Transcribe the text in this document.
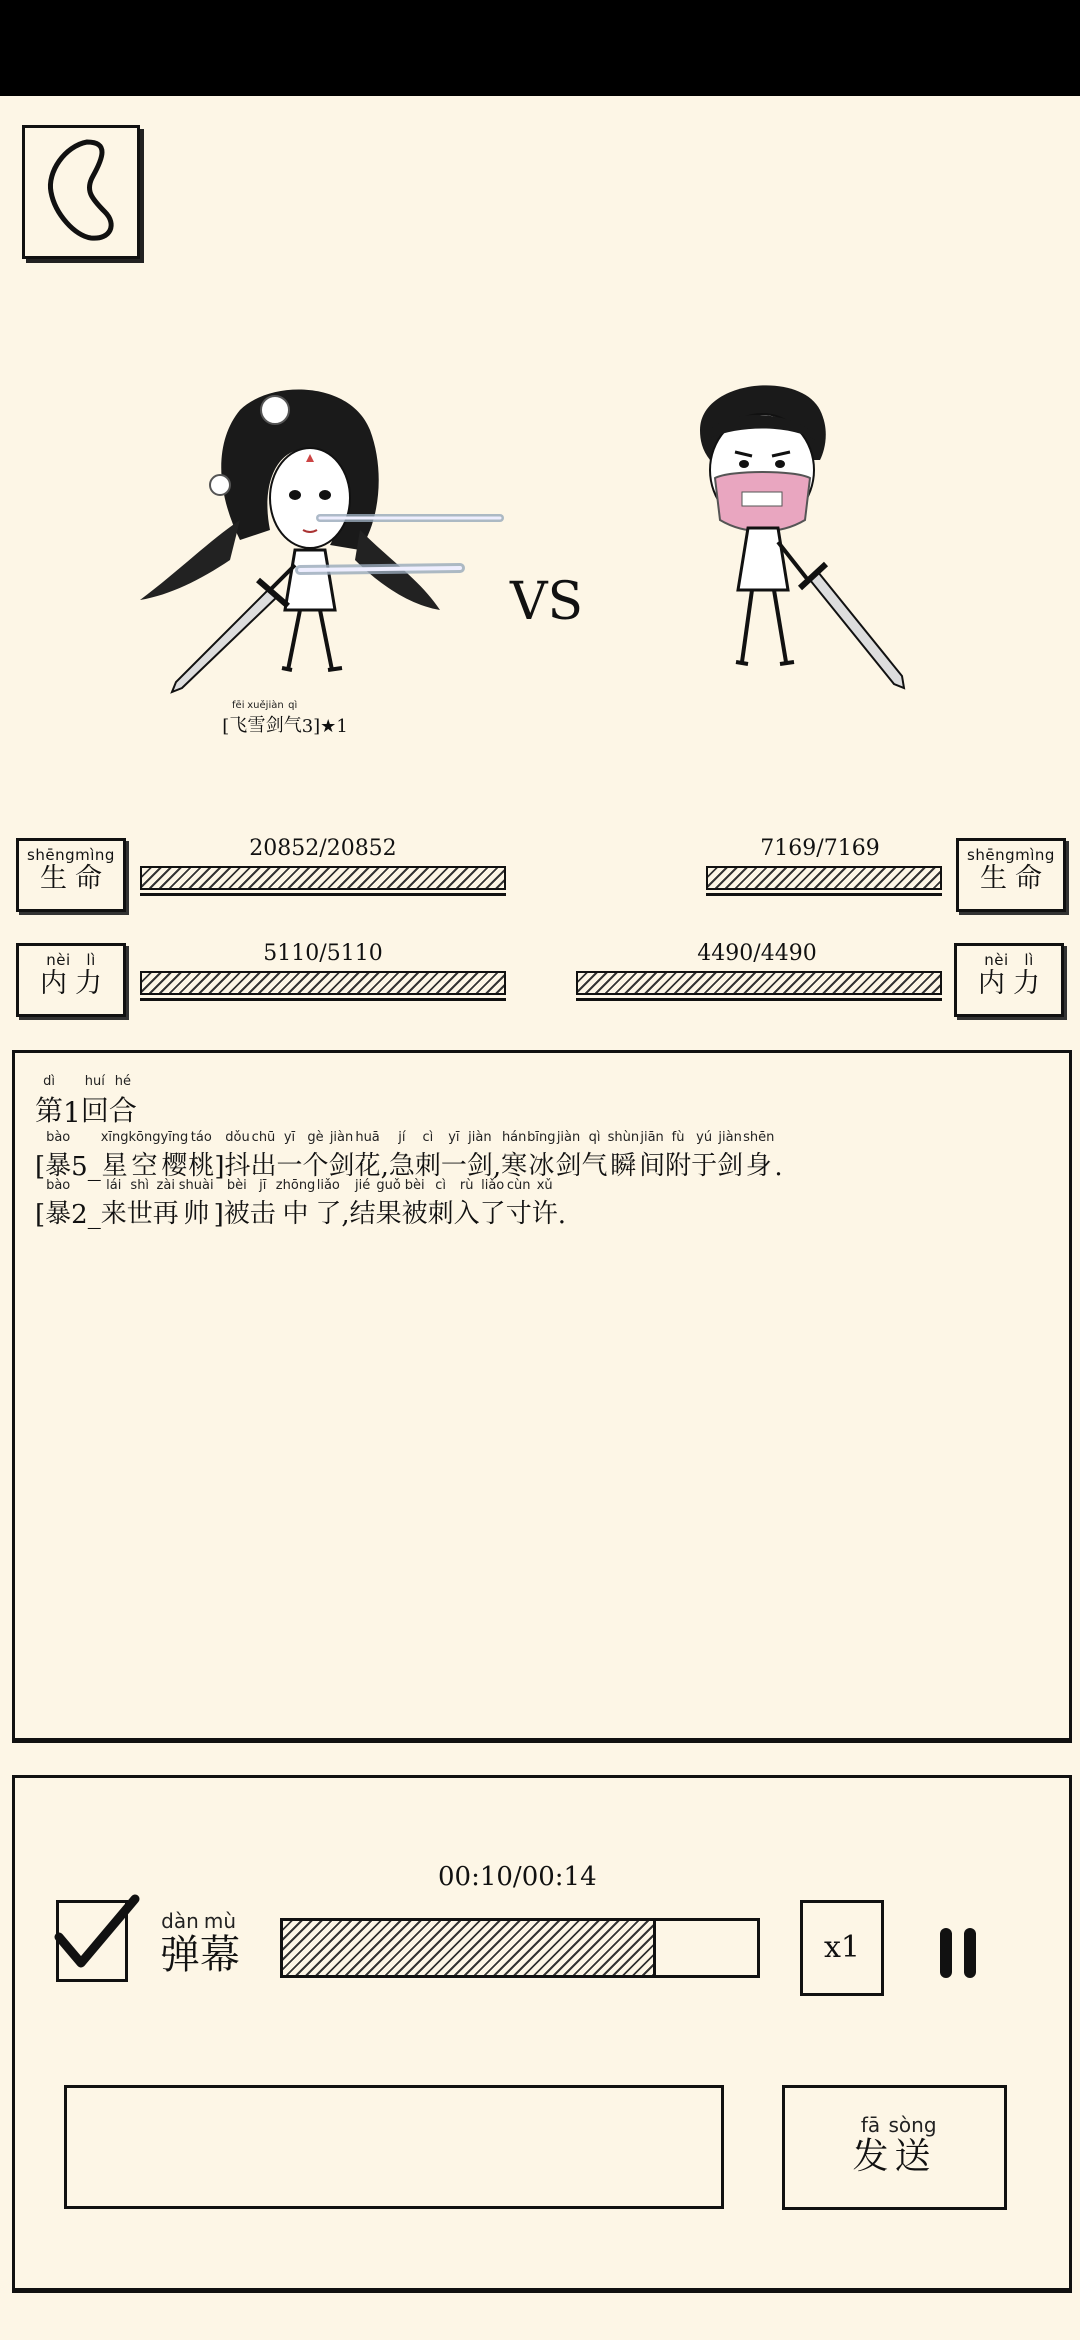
[
fēi
飞
xuě
雪
jiàn
剑
qì
气 3]★1
VS
shēngmìng
生命
20852/20852	7169/7169	shēngmìng
生命
nèi   lì
内力
5110/5110	4490/4490	nèi   lì
内力
dì
第
1
huí
回
hé
合

[
bào
暴
5_
xīng
星
kōng
空
yīng
樱
táo
桃
]
dǒu
抖
chū
出
yī
一
gè
个
jiàn
剑
huā
花
,
jí
急
cì
刺
yī
一
jiàn
剑
,
hán
寒
bīng
冰
jiàn
剑
qì
气
shùn
瞬
jiān
间
fù
附
yú
于
jiàn
剑
shēn
身
.

[
bào
暴
2_
lái
来
shì
世
zài
再
shuài
帅
]
bèi
被
jī
击
zhōng
中
liǎo
了
,
jié
结
guǒ
果
bèi
被
cì
刺
rù
入
liǎo
了
cùn
寸
xǔ
许
.
00:10/00:14
dàn
弹
mù
幕	x1
fā
发
sòng
送
